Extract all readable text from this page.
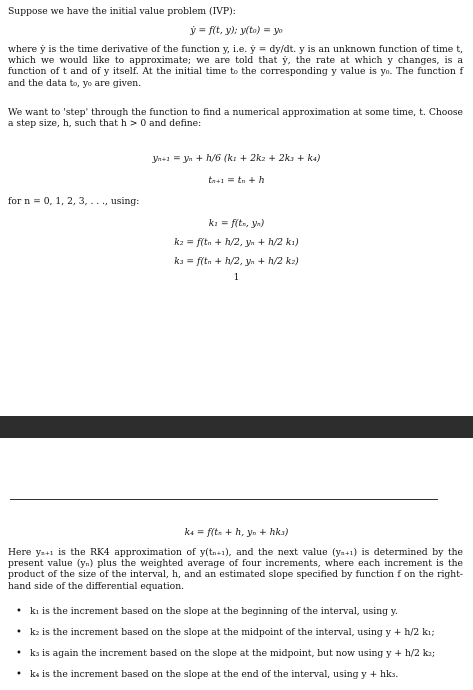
Suppose we have the initial value problem (IVP):
ẏ = f(t, y); y(t₀) = y₀
where ẏ is the time derivative of the function y, i.e. ẏ = dy/dt. y is an unknown function of time t, which we would like to approximate; we are told that ẏ, the rate at which y changes, is a function of t and of y itself. At the initial time t₀ the corresponding y value is y₀. The function f and the data t₀, y₀ are given.
We want to 'step' through the function to find a numerical approximation at some time, t. Choose a step size, h, such that h > 0 and define:
yₙ₊₁ = yₙ + h/6 (k₁ + 2k₂ + 2k₃ + k₄)
tₙ₊₁ = tₙ + h
for n = 0, 1, 2, 3, . . ., using:
k₁ = f(tₙ, yₙ)
k₂ = f(tₙ + h/2, yₙ + h/2 k₁)
k₃ = f(tₙ + h/2, yₙ + h/2 k₂)
1
k₄ = f(tₙ + h, yₙ + hk₃)
Here yₙ₊₁ is the RK4 approximation of y(tₙ₊₁), and the next value (yₙ₊₁) is determined by the present value (yₙ) plus the weighted average of four increments, where each increment is the product of the size of the interval, h, and an estimated slope specified by function f on the right-hand side of the differential equation.
• k₁ is the increment based on the slope at the beginning of the interval, using y.
• k₂ is the increment based on the slope at the midpoint of the interval, using y + h/2 k₁;
• k₃ is again the increment based on the slope at the midpoint, but now using y + h/2 k₂;
• k₄ is the increment based on the slope at the end of the interval, using y + hk₃.
